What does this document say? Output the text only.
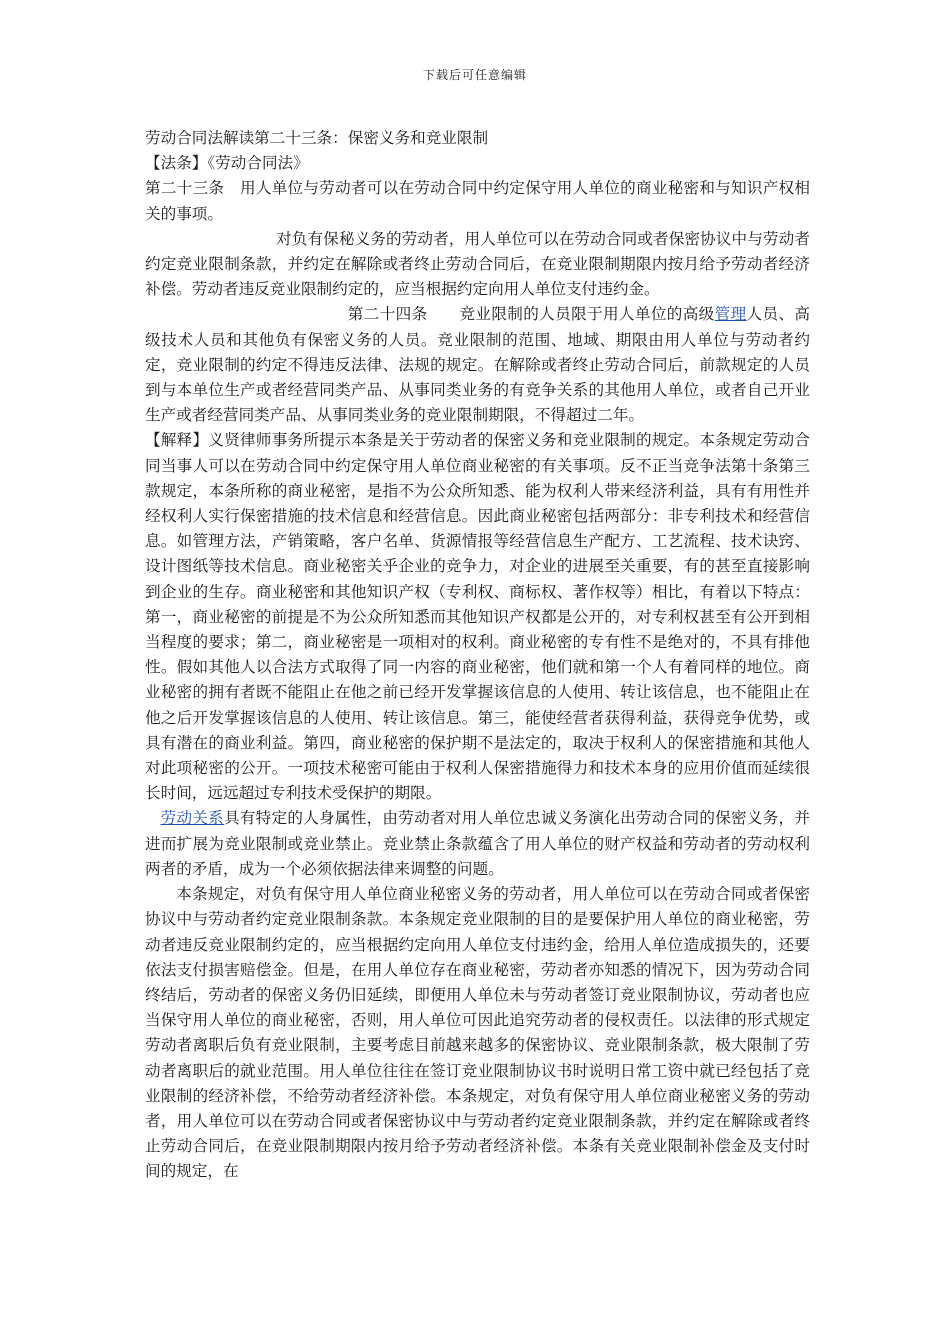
下载后可任意编辑

劳动合同法解读第二十三条：保密义务和竞业限制

【法条】《劳动合同法》

第二十三条　用人单位与劳动者可以在劳动合同中约定保守用人单位的商业秘密和与知识产权相关的事项。

对负有保秘义务的劳动者，用人单位可以在劳动合同或者保密协议中与劳动者约定竞业限制条款，并约定在解除或者终止劳动合同后，在竞业限制期限内按月给予劳动者经济补偿。劳动者违反竞业限制约定的，应当根据约定向用人单位支付违约金。

第二十四条　　竞业限制的人员限于用人单位的高级管理人员、高级技术人员和其他负有保密义务的人员。竞业限制的范围、地域、期限由用人单位与劳动者约定，竞业限制的约定不得违反法律、法规的规定。在解除或者终止劳动合同后，前款规定的人员到与本单位生产或者经营同类产品、从事同类业务的有竞争关系的其他用人单位，或者自己开业生产或者经营同类产品、从事同类业务的竞业限制期限，不得超过二年。

【解释】义贤律师事务所提示本条是关于劳动者的保密义务和竞业限制的规定。本条规定劳动合同当事人可以在劳动合同中约定保守用人单位商业秘密的有关事项。反不正当竞争法第十条第三款规定，本条所称的商业秘密，是指不为公众所知悉、能为权利人带来经济利益，具有有用性并经权利人实行保密措施的技术信息和经营信息。因此商业秘密包括两部分：非专利技术和经营信息。如管理方法，产销策略，客户名单、货源情报等经营信息生产配方、工艺流程、技术诀窍、设计图纸等技术信息。商业秘密关乎企业的竞争力，对企业的进展至关重要，有的甚至直接影响到企业的生存。商业秘密和其他知识产权（专利权、商标权、著作权等）相比，有着以下特点：第一，商业秘密的前提是不为公众所知悉而其他知识产权都是公开的，对专利权甚至有公开到相当程度的要求；第二，商业秘密是一项相对的权利。商业秘密的专有性不是绝对的，不具有排他性。假如其他人以合法方式取得了同一内容的商业秘密，他们就和第一个人有着同样的地位。商业秘密的拥有者既不能阻止在他之前已经开发掌握该信息的人使用、转让该信息，也不能阻止在他之后开发掌握该信息的人使用、转让该信息。第三，能使经营者获得利益，获得竞争优势，或具有潜在的商业利益。第四，商业秘密的保护期不是法定的，取决于权利人的保密措施和其他人对此项秘密的公开。一项技术秘密可能由于权利人保密措施得力和技术本身的应用价值而延续很长时间，远远超过专利技术受保护的期限。

劳动关系具有特定的人身属性，由劳动者对用人单位忠诚义务演化出劳动合同的保密义务，并进而扩展为竞业限制或竞业禁止。竞业禁止条款蕴含了用人单位的财产权益和劳动者的劳动权利两者的矛盾，成为一个必须依据法律来调整的问题。

本条规定，对负有保守用人单位商业秘密义务的劳动者，用人单位可以在劳动合同或者保密协议中与劳动者约定竞业限制条款。本条规定竞业限制的目的是要保护用人单位的商业秘密，劳动者违反竞业限制约定的，应当根据约定向用人单位支付违约金，给用人单位造成损失的，还要依法支付损害赔偿金。但是，在用人单位存在商业秘密，劳动者亦知悉的情况下，因为劳动合同终结后，劳动者的保密义务仍旧延续，即便用人单位未与劳动者签订竞业限制协议，劳动者也应当保守用人单位的商业秘密，否则，用人单位可因此追究劳动者的侵权责任。以法律的形式规定劳动者离职后负有竞业限制，主要考虑目前越来越多的保密协议、竞业限制条款，极大限制了劳动者离职后的就业范围。用人单位往往在签订竞业限制协议书时说明日常工资中就已经包括了竞业限制的经济补偿，不给劳动者经济补偿。本条规定，对负有保守用人单位商业秘密义务的劳动者，用人单位可以在劳动合同或者保密协议中与劳动者约定竞业限制条款，并约定在解除或者终止劳动合同后，在竞业限制期限内按月给予劳动者经济补偿。本条有关竞业限制补偿金及支付时间的规定，在
